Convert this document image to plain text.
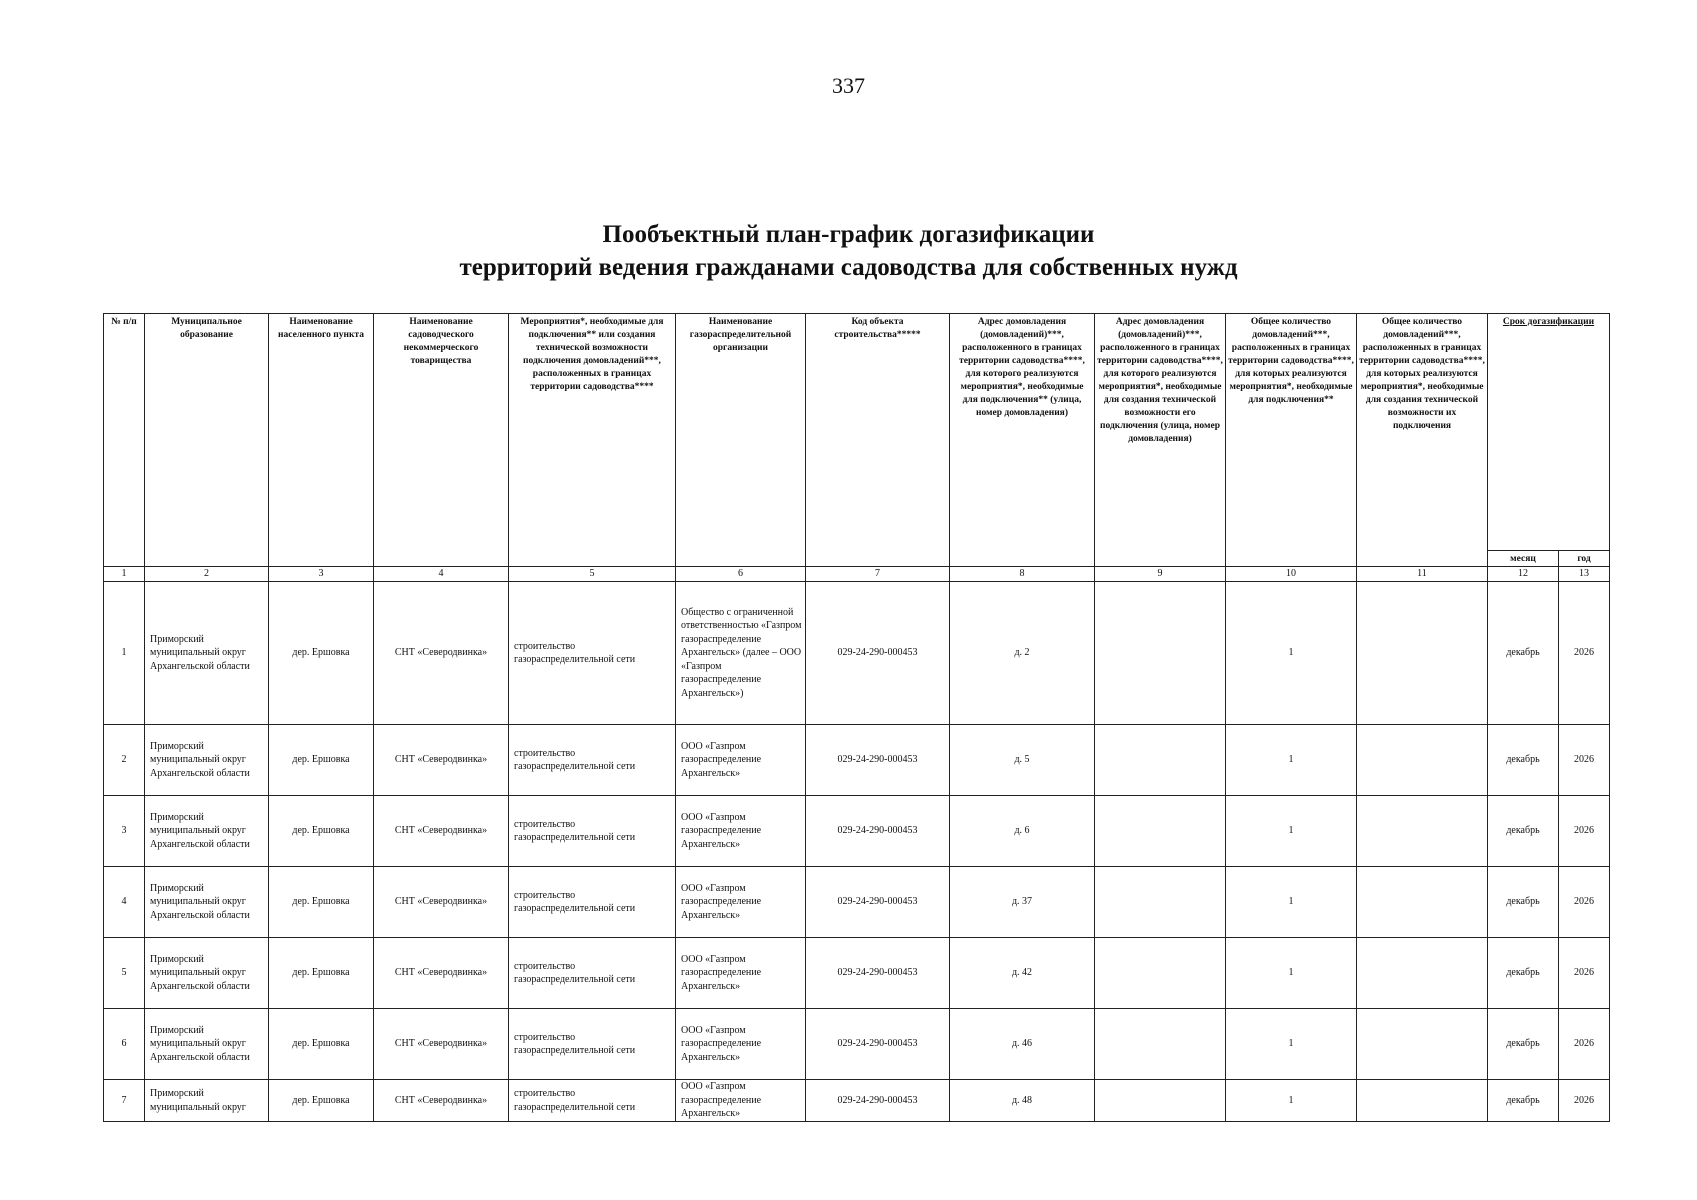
337
Пообъектный план-график догазификации
территорий ведения гражданами садоводства для собственных нужд
№ п/п	Муниципальное образование	Наименование населенного пункта	Наименование садоводческого некоммерческого товарищества	Мероприятия*, необходимые для подключения** или создания технической возможности подключения домовладений***, расположенных в границах территории садоводства****	Наименование газораспределительной организации	Код объекта строительства*****	Адрес домовладения (домовладений)***, расположенного в границах территории садоводства****, для которого реализуются мероприятия*, необходимые для подключения** (улица, номер домовладения)	Адрес домовладения (домовладений)***, расположенного в границах территории садоводства****, для которого реализуются мероприятия*, необходимые для создания технической возможности его подключения (улица, номер домовладения)	Общее количество домовладений***, расположенных в границах территории садоводства****, для которых реализуются мероприятия*, необходимые для подключения**	Общее количество домовладений***, расположенных в границах территории садоводства****, для которых реализуются мероприятия*, необходимые для создания технической возможности их подключения	Срок догазификации	
											месяц	год
1	2	3	4	5	6	7	8	9	10	11	12	13
1	Приморский муниципальный округ Архангельской области	дер. Ершовка	СНТ «Северодвинка»	строительство газораспределительной сети	Общество с ограниченной ответственностью «Газпром газораспределение Архангельск» (далее – ООО «Газпром газораспределение Архангельск»)	029-24-290-000453	д. 2		1		декабрь	2026
2	Приморский муниципальный округ Архангельской области	дер. Ершовка	СНТ «Северодвинка»	строительство газораспределительной сети	ООО «Газпром газораспределение Архангельск»	029-24-290-000453	д. 5		1		декабрь	2026
3	Приморский муниципальный округ Архангельской области	дер. Ершовка	СНТ «Северодвинка»	строительство газораспределительной сети	ООО «Газпром газораспределение Архангельск»	029-24-290-000453	д. 6		1		декабрь	2026
4	Приморский муниципальный округ Архангельской области	дер. Ершовка	СНТ «Северодвинка»	строительство газораспределительной сети	ООО «Газпром газораспределение Архангельск»	029-24-290-000453	д. 37		1		декабрь	2026
5	Приморский муниципальный округ Архангельской области	дер. Ершовка	СНТ «Северодвинка»	строительство газораспределительной сети	ООО «Газпром газораспределение Архангельск»	029-24-290-000453	д. 42		1		декабрь	2026
6	Приморский муниципальный округ Архангельской области	дер. Ершовка	СНТ «Северодвинка»	строительство газораспределительной сети	ООО «Газпром газораспределение Архангельск»	029-24-290-000453	д. 46		1		декабрь	2026
7	Приморский муниципальный округ	дер. Ершовка	СНТ «Северодвинка»	строительство газораспределительной сети	ООО «Газпром газораспределение Архангельск»	029-24-290-000453	д. 48		1		декабрь	2026
